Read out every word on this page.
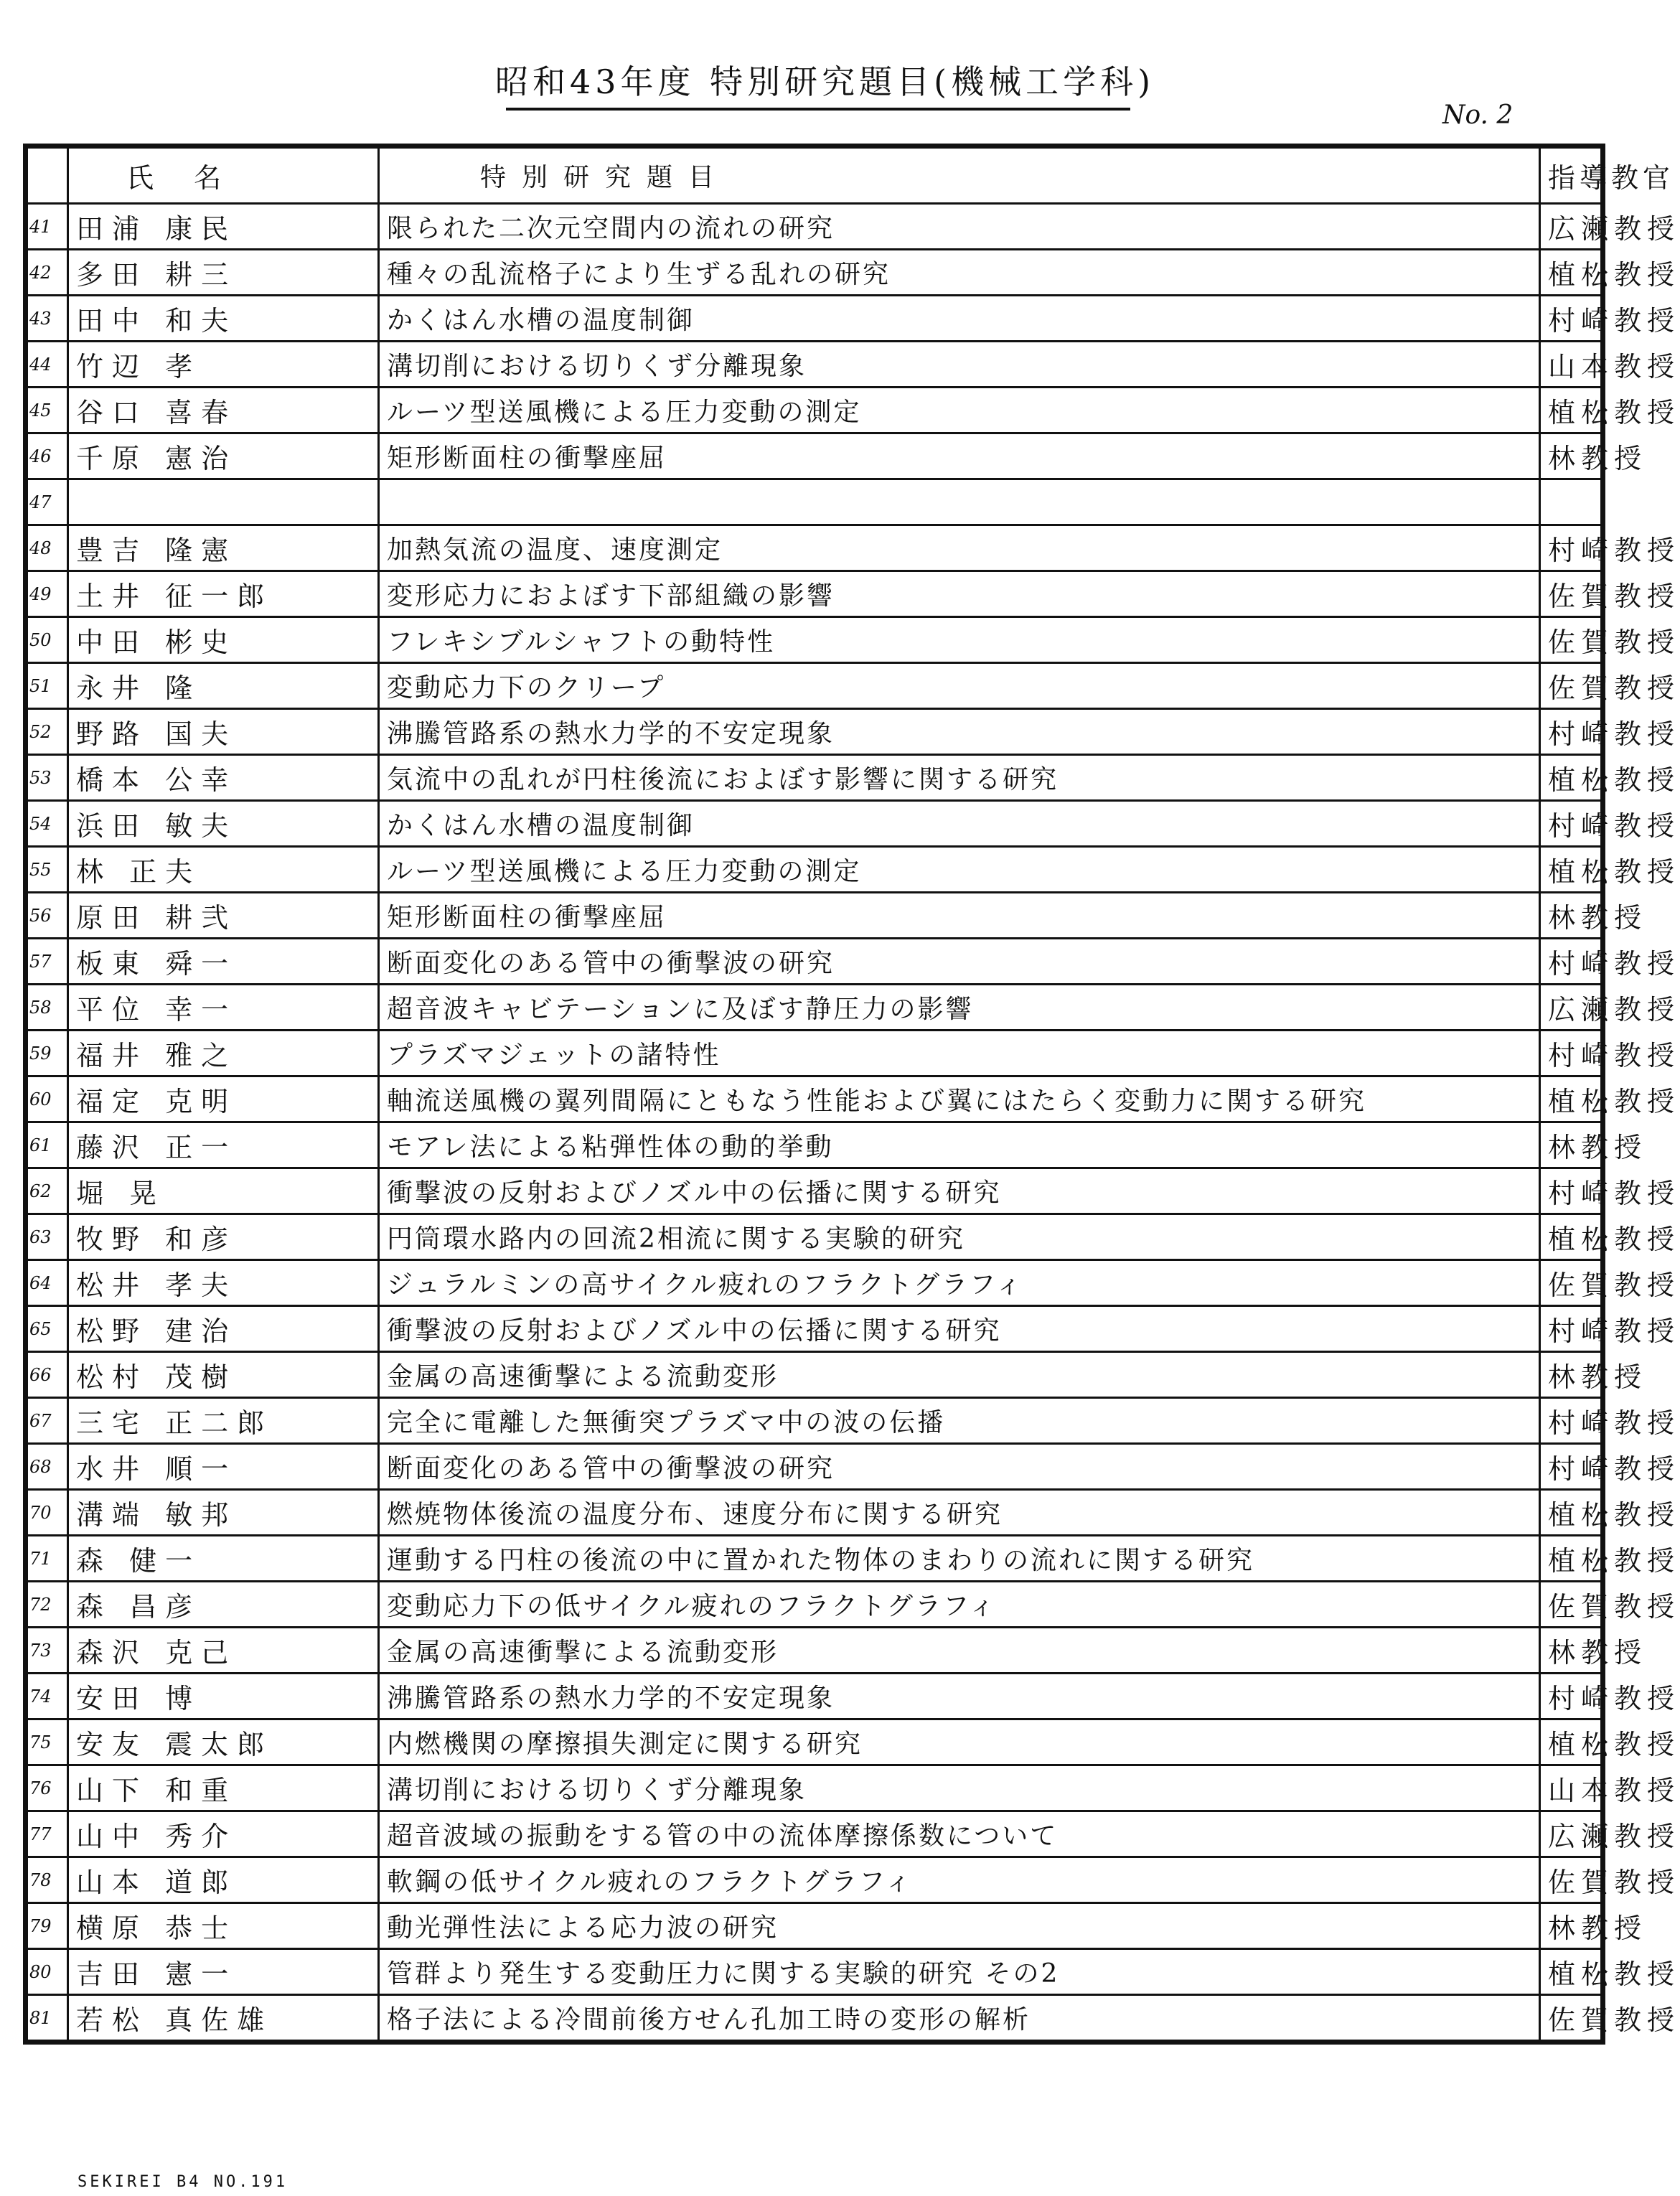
昭和43年度 特別研究題目(機械工学科)
No. 2
	氏 名	特別研究題目	指導教官
41	田浦 康民	限られた二次元空間内の流れの研究	広瀬教授
42	多田 耕三	種々の乱流格子により生ずる乱れの研究	植松教授
43	田中 和夫	かくはん水槽の温度制御	村崎教授
44	竹辺 孝	溝切削における切りくず分離現象	山本教授
45	谷口 喜春	ルーツ型送風機による圧力変動の測定	植松教授
46	千原 憲治	矩形断面柱の衝撃座屈	林教授
47			
48	豊吉 隆憲	加熱気流の温度、速度測定	村崎教授
49	土井 征一郎	変形応力におよぼす下部組織の影響	佐賀教授
50	中田 彬史	フレキシブルシャフトの動特性	佐賀教授
51	永井 隆	変動応力下のクリープ	佐賀教授
52	野路 国夫	沸騰管路系の熱水力学的不安定現象	村崎教授
53	橋本 公幸	気流中の乱れが円柱後流におよぼす影響に関する研究	植松教授
54	浜田 敏夫	かくはん水槽の温度制御	村崎教授
55	林 正夫	ルーツ型送風機による圧力変動の測定	植松教授
56	原田 耕弐	矩形断面柱の衝撃座屈	林教授
57	板東 舜一	断面変化のある管中の衝撃波の研究	村崎教授
58	平位 幸一	超音波キャビテーションに及ぼす静圧力の影響	広瀬教授
59	福井 雅之	プラズマジェットの諸特性	村崎教授
60	福定 克明	軸流送風機の翼列間隔にともなう性能および翼にはたらく変動力に関する研究	植松教授
61	藤沢 正一	モアレ法による粘弾性体の動的挙動	林教授
62	堀 晃	衝撃波の反射およびノズル中の伝播に関する研究	村崎教授
63	牧野 和彦	円筒環水路内の回流2相流に関する実験的研究	植松教授
64	松井 孝夫	ジュラルミンの高サイクル疲れのフラクトグラフィ	佐賀教授
65	松野 建治	衝撃波の反射およびノズル中の伝播に関する研究	村崎教授
66	松村 茂樹	金属の高速衝撃による流動変形	林教授
67	三宅 正二郎	完全に電離した無衝突プラズマ中の波の伝播	村崎教授
68	水井 順一	断面変化のある管中の衝撃波の研究	村崎教授
70	溝端 敏邦	燃焼物体後流の温度分布、速度分布に関する研究	植松教授
71	森 健一	運動する円柱の後流の中に置かれた物体のまわりの流れに関する研究	植松教授
72	森 昌彦	変動応力下の低サイクル疲れのフラクトグラフィ	佐賀教授
73	森沢 克己	金属の高速衝撃による流動変形	林教授
74	安田 博	沸騰管路系の熱水力学的不安定現象	村崎教授
75	安友 震太郎	内燃機関の摩擦損失測定に関する研究	植松教授
76	山下 和重	溝切削における切りくず分離現象	山本教授
77	山中 秀介	超音波域の振動をする管の中の流体摩擦係数について	広瀬教授
78	山本 道郎	軟鋼の低サイクル疲れのフラクトグラフィ	佐賀教授
79	横原 恭士	動光弾性法による応力波の研究	林教授
80	吉田 憲一	管群より発生する変動圧力に関する実験的研究 その2	植松教授
81	若松 真佐雄	格子法による冷間前後方せん孔加工時の変形の解析	佐賀教授
SEKIREI B4 NO.191
